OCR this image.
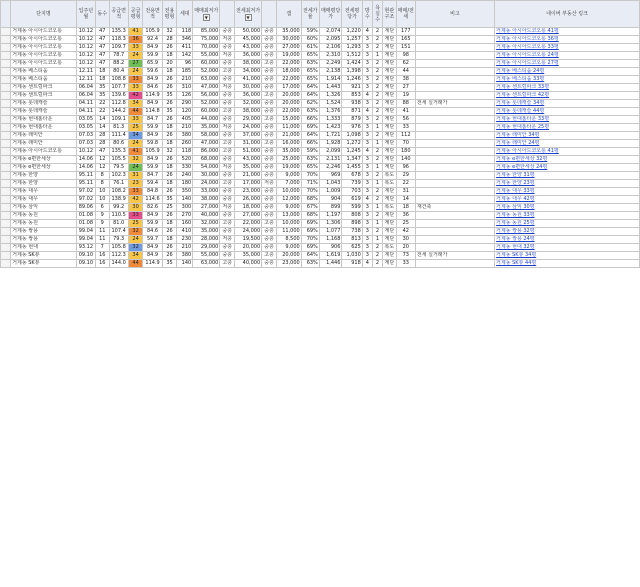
	단지명	입주년월	동수	공급면적	공급평형	전용면적	전용평형	세대	매매최저가▼		전세최저가▼		갭	전세가율	매매평당가	전세평당가	방수	욕실수	현관구조	매매/전세	비고	네이버 부동산 링크
	거제동 아시아드코오롱	10.12	47	135.3	41	105.9	32	118	85,000	중층	50,000	중층	35,000	59%	2,074	1,220	4	2	계단	177		거제동 아시아드코오롱 41평
	거제동 아시아드코오롱	10.12	47	118.3	36	92.4	28	346	75,000	저층	45,000	중층	30,000	60%	2,095	1,257	3	2	계단	165		거제동 아시아드코오롱 36평
	거제동 아시아드코오롱	10.12	47	109.7	33	84.9	26	411	70,000	중층	43,000	중층	27,000	61%	2,106	1,293	3	2	계단	151		거제동 아시아드코오롱 33평
	거제동 아시아드코오롱	10.12	47	78.7	24	59.9	18	142	55,000	저층	36,000	중층	19,000	65%	2,310	1,512	3	1	계단	98		거제동 아시아드코오롱 24평
	거제동 아시아드코오롱	10.12	47	88.2	27	65.9	20	96	60,000	중층	38,000	고층	22,000	63%	2,249	1,424	3	2	계단	62		거제동 아시아드코오롱 27평
	거제동 베스티움	12.11	18	80.4	24	59.6	18	185	52,000	고층	34,000	중층	18,000	65%	2,138	1,398	3	2	계단	44		거제동 베스티움 24평
	거제동 베스티움	12.11	18	108.8	33	84.9	26	210	63,000	중층	41,000	중층	22,000	65%	1,914	1,246	3	2	계단	38		거제동 베스티움 33평
	거제동 센트럴파크	06.04	35	107.7	33	84.6	26	310	47,000	저층	30,000	중층	17,000	64%	1,443	921	3	2	계단	27		거제동 센트럴파크 33평
	거제동 센트럴파크	06.04	35	139.6	42	114.9	35	126	56,000	중층	36,000	고층	20,000	64%	1,326	853	4	2	계단	19		거제동 센트럴파크 42평
	거제동 롯데캐슬	04.11	22	112.8	34	84.9	26	290	52,000	중층	32,000	중층	20,000	62%	1,524	938	3	2	계단	88	전세 실거래가	거제동 롯데캐슬 34평
	거제동 롯데캐슬	04.11	22	144.2	44	114.8	35	120	60,000	고층	38,000	중층	22,000	63%	1,376	871	4	2	계단	41		거제동 롯데캐슬 44평
	거제동 현대홈타운	03.05	14	109.1	33	84.7	26	405	44,000	중층	29,000	고층	15,000	66%	1,333	879	3	2	계단	56		거제동 현대홈타운 33평
	거제동 현대홈타운	03.05	14	81.3	25	59.9	18	210	35,000	저층	24,000	중층	11,000	69%	1,423	976	3	1	계단	33		거제동 현대홈타운 25평
	거제동 래미안	07.03	28	111.4	34	84.9	26	380	58,000	중층	37,000	중층	21,000	64%	1,721	1,098	3	2	계단	112		거제동 래미안 34평
	거제동 래미안	07.03	28	80.6	24	59.8	18	260	47,000	고층	31,000	고층	16,000	66%	1,928	1,272	3	1	계단	70		거제동 래미안 24평
	거제동 아시아드코오롱	10.12	47	135.3	41	105.9	32	118	86,000	고층	51,000	중층	35,000	59%	2,099	1,245	4	2	계단	180		거제동 아시아드코오롱 41평
	거제동 e편한세상	14.06	12	105.5	32	84.9	26	520	68,000	중층	43,000	중층	25,000	63%	2,131	1,347	3	2	계단	140		거제동 e편한세상 32평
	거제동 e편한세상	14.06	12	79.5	24	59.9	18	330	54,000	저층	35,000	중층	19,000	65%	2,246	1,455	3	1	계단	96		거제동 e편한세상 24평
	거제동 한양	95.11	8	102.3	31	84.7	26	240	30,000	중층	21,000	중층	9,000	70%	969	678	3	2	복도	29		거제동 한양 31평
	거제동 한양	95.11	8	76.1	23	59.4	18	180	24,000	고층	17,000	저층	7,000	71%	1,043	739	3	1	복도	22		거제동 한양 23평
	거제동 대우	97.02	10	108.2	33	84.8	26	350	33,000	중층	23,000	중층	10,000	70%	1,009	703	3	2	계단	31		거제동 대우 33평
	거제동 대우	97.02	10	138.9	42	114.6	35	140	38,000	중층	26,000	중층	12,000	68%	904	619	4	2	계단	14		거제동 대우 42평
	거제동 삼익	89.06	6	99.2	30	82.6	25	300	27,000	저층	18,000	중층	9,000	67%	899	599	3	1	복도	18	재건축	거제동 삼익 30평
	거제동 동원	01.08	9	110.5	33	84.9	26	270	40,000	중층	27,000	중층	13,000	68%	1,197	808	3	2	계단	36		거제동 동원 33평
	거제동 동원	01.08	9	81.0	25	59.9	18	160	32,000	고층	22,000	고층	10,000	69%	1,306	898	3	1	계단	25		거제동 동원 25평
	거제동 쌍용	99.04	11	107.4	32	84.6	26	410	35,000	중층	24,000	중층	11,000	69%	1,077	738	3	2	계단	42		거제동 쌍용 32평
	거제동 쌍용	99.04	11	79.3	24	59.7	18	230	28,000	저층	19,500	중층	8,500	70%	1,168	813	3	1	계단	30		거제동 쌍용 24평
	거제동 현대	93.12	7	105.8	32	84.9	26	210	29,000	중층	20,000	중층	9,000	69%	906	625	3	2	복도	20		거제동 현대 32평
	거제동 SK뷰	09.10	16	112.3	34	84.9	26	380	55,000	중층	35,000	고층	20,000	64%	1,619	1,030	3	2	계단	73	전세 실거래가	거제동 SK뷰 34평
	거제동 SK뷰	09.10	16	144.0	44	114.9	35	140	63,000	고층	40,000	중층	23,000	63%	1,446	918	4	2	계단	33		거제동 SK뷰 44평
